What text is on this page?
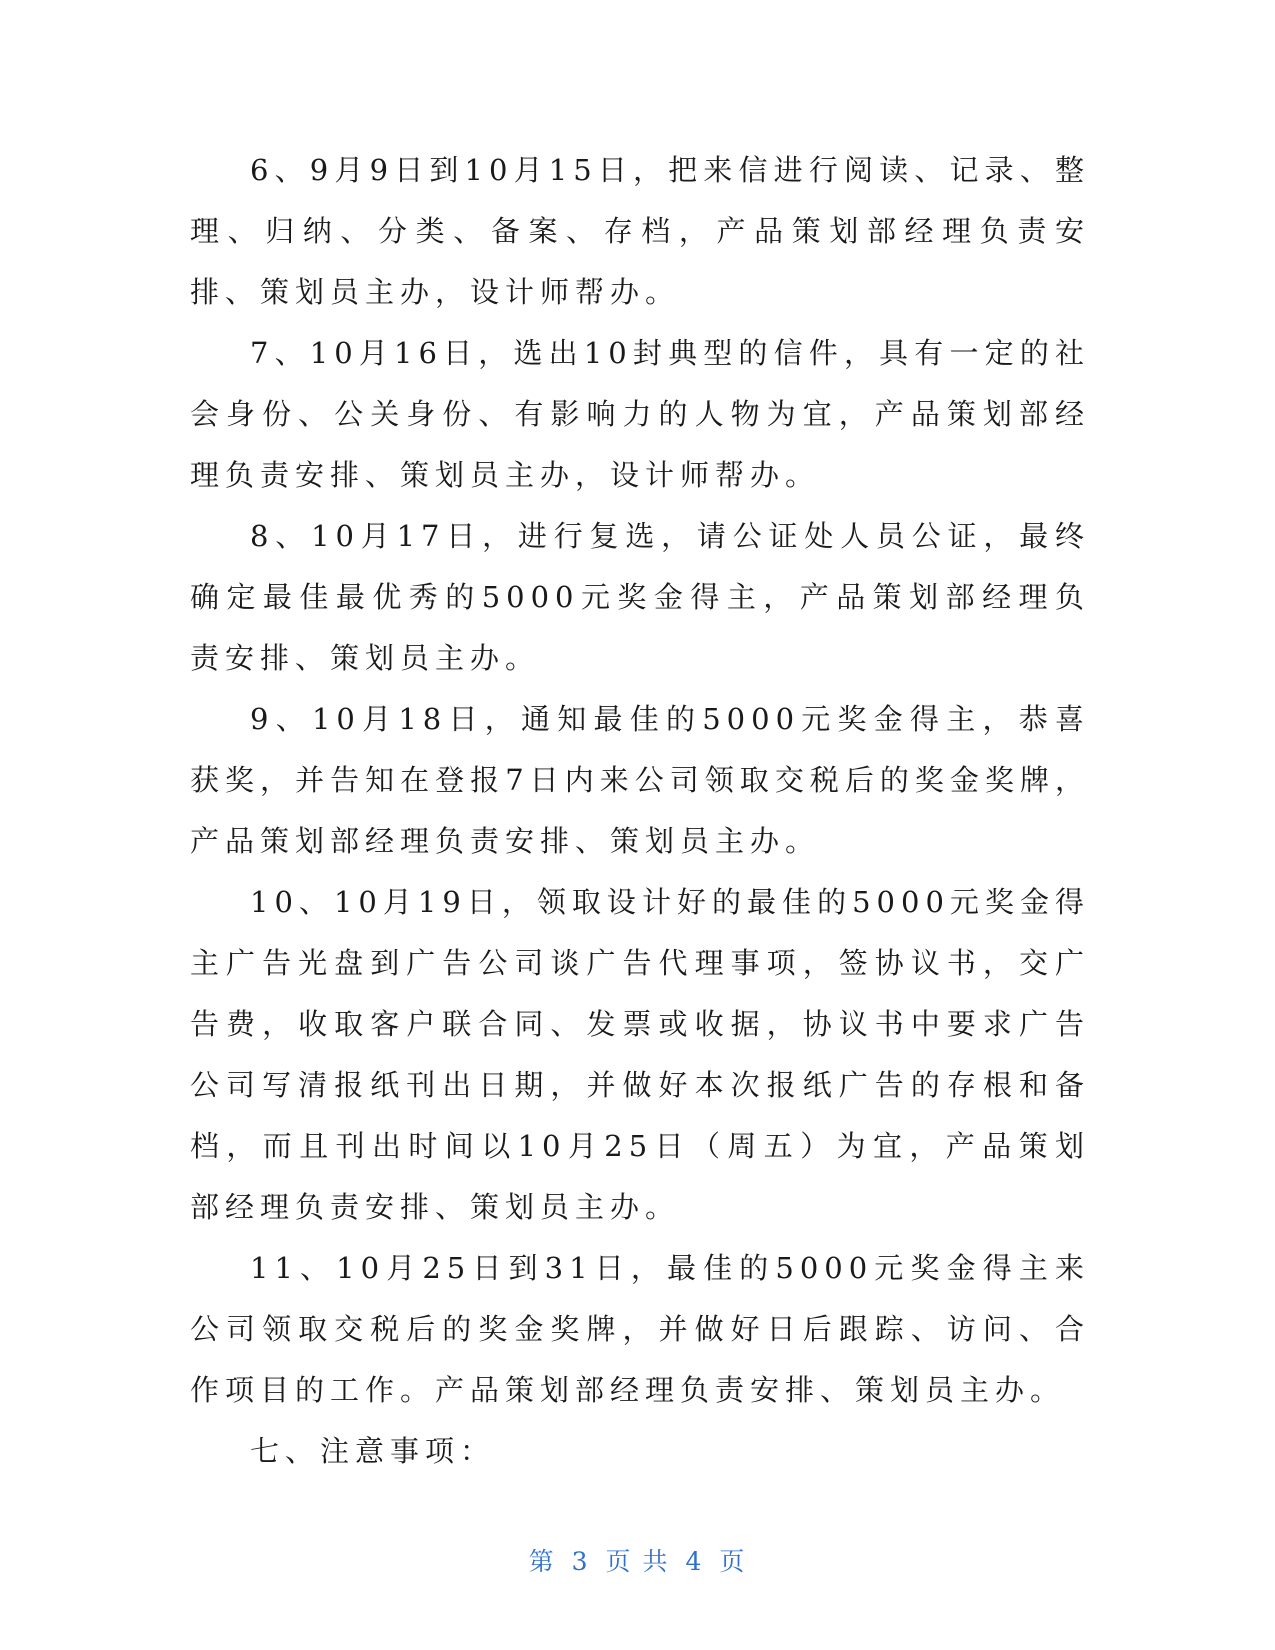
6、9月9日到10月15日，把来信进行阅读、记录、整理、归纳、分类、备案、存档，产品策划部经理负责安排、策划员主办，设计师帮办。

7、10月16日，选出10封典型的信件，具有一定的社会身份、公关身份、有影响力的人物为宜，产品策划部经理负责安排、策划员主办，设计师帮办。

8、10月17日，进行复选，请公证处人员公证，最终确定最佳最优秀的5000元奖金得主，产品策划部经理负责安排、策划员主办。

9、10月18日，通知最佳的5000元奖金得主，恭喜获奖，并告知在登报7日内来公司领取交税后的奖金奖牌，产品策划部经理负责安排、策划员主办。

10、10月19日，领取设计好的最佳的5000元奖金得主广告光盘到广告公司谈广告代理事项，签协议书，交广告费，收取客户联合同、发票或收据，协议书中要求广告公司写清报纸刊出日期，并做好本次报纸广告的存根和备档，而且刊出时间以10月25日（周五）为宜，产品策划部经理负责安排、策划员主办。

11、10月25日到31日，最佳的5000元奖金得主来公司领取交税后的奖金奖牌，并做好日后跟踪、访问、合作项目的工作。产品策划部经理负责安排、策划员主办。

七、注意事项：

第 3 页 共 4 页
